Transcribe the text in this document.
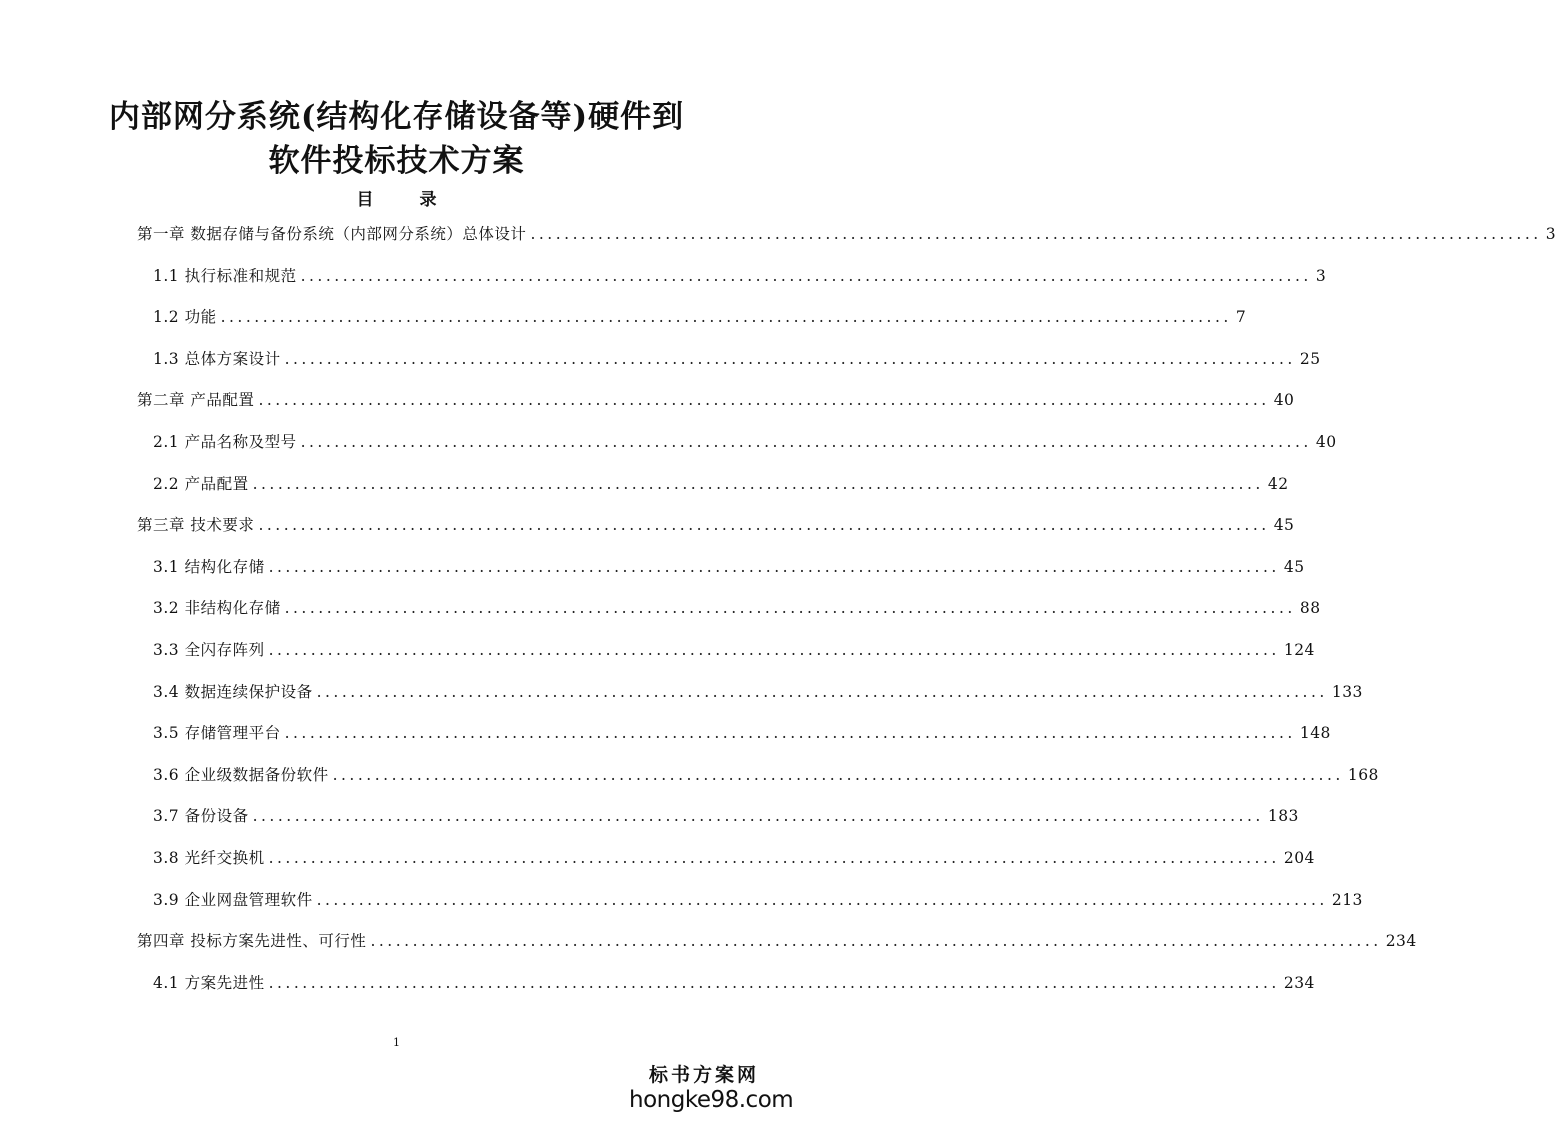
内部网分系统(结构化存储设备等)硬件到
软件投标技术方案
目 录
第一章 数据存储与备份系统（内部网分系统）总体设计 ........................................................................................................................ 3
1.1 执行标准和规范 ........................................................................................................................ 3
1.2 功能 ........................................................................................................................ 7
1.3 总体方案设计 ........................................................................................................................ 25
第二章 产品配置 ........................................................................................................................ 40
2.1 产品名称及型号 ........................................................................................................................ 40
2.2 产品配置 ........................................................................................................................ 42
第三章 技术要求 ........................................................................................................................ 45
3.1 结构化存储 ........................................................................................................................ 45
3.2 非结构化存储 ........................................................................................................................ 88
3.3 全闪存阵列 ........................................................................................................................ 124
3.4 数据连续保护设备 ........................................................................................................................ 133
3.5 存储管理平台 ........................................................................................................................ 148
3.6 企业级数据备份软件 ........................................................................................................................ 168
3.7 备份设备 ........................................................................................................................ 183
3.8 光纤交换机 ........................................................................................................................ 204
3.9 企业网盘管理软件 ........................................................................................................................ 213
第四章 投标方案先进性、可行性 ........................................................................................................................ 234
4.1 方案先进性 ........................................................................................................................ 234
1
标书方案网
hongke98.com
